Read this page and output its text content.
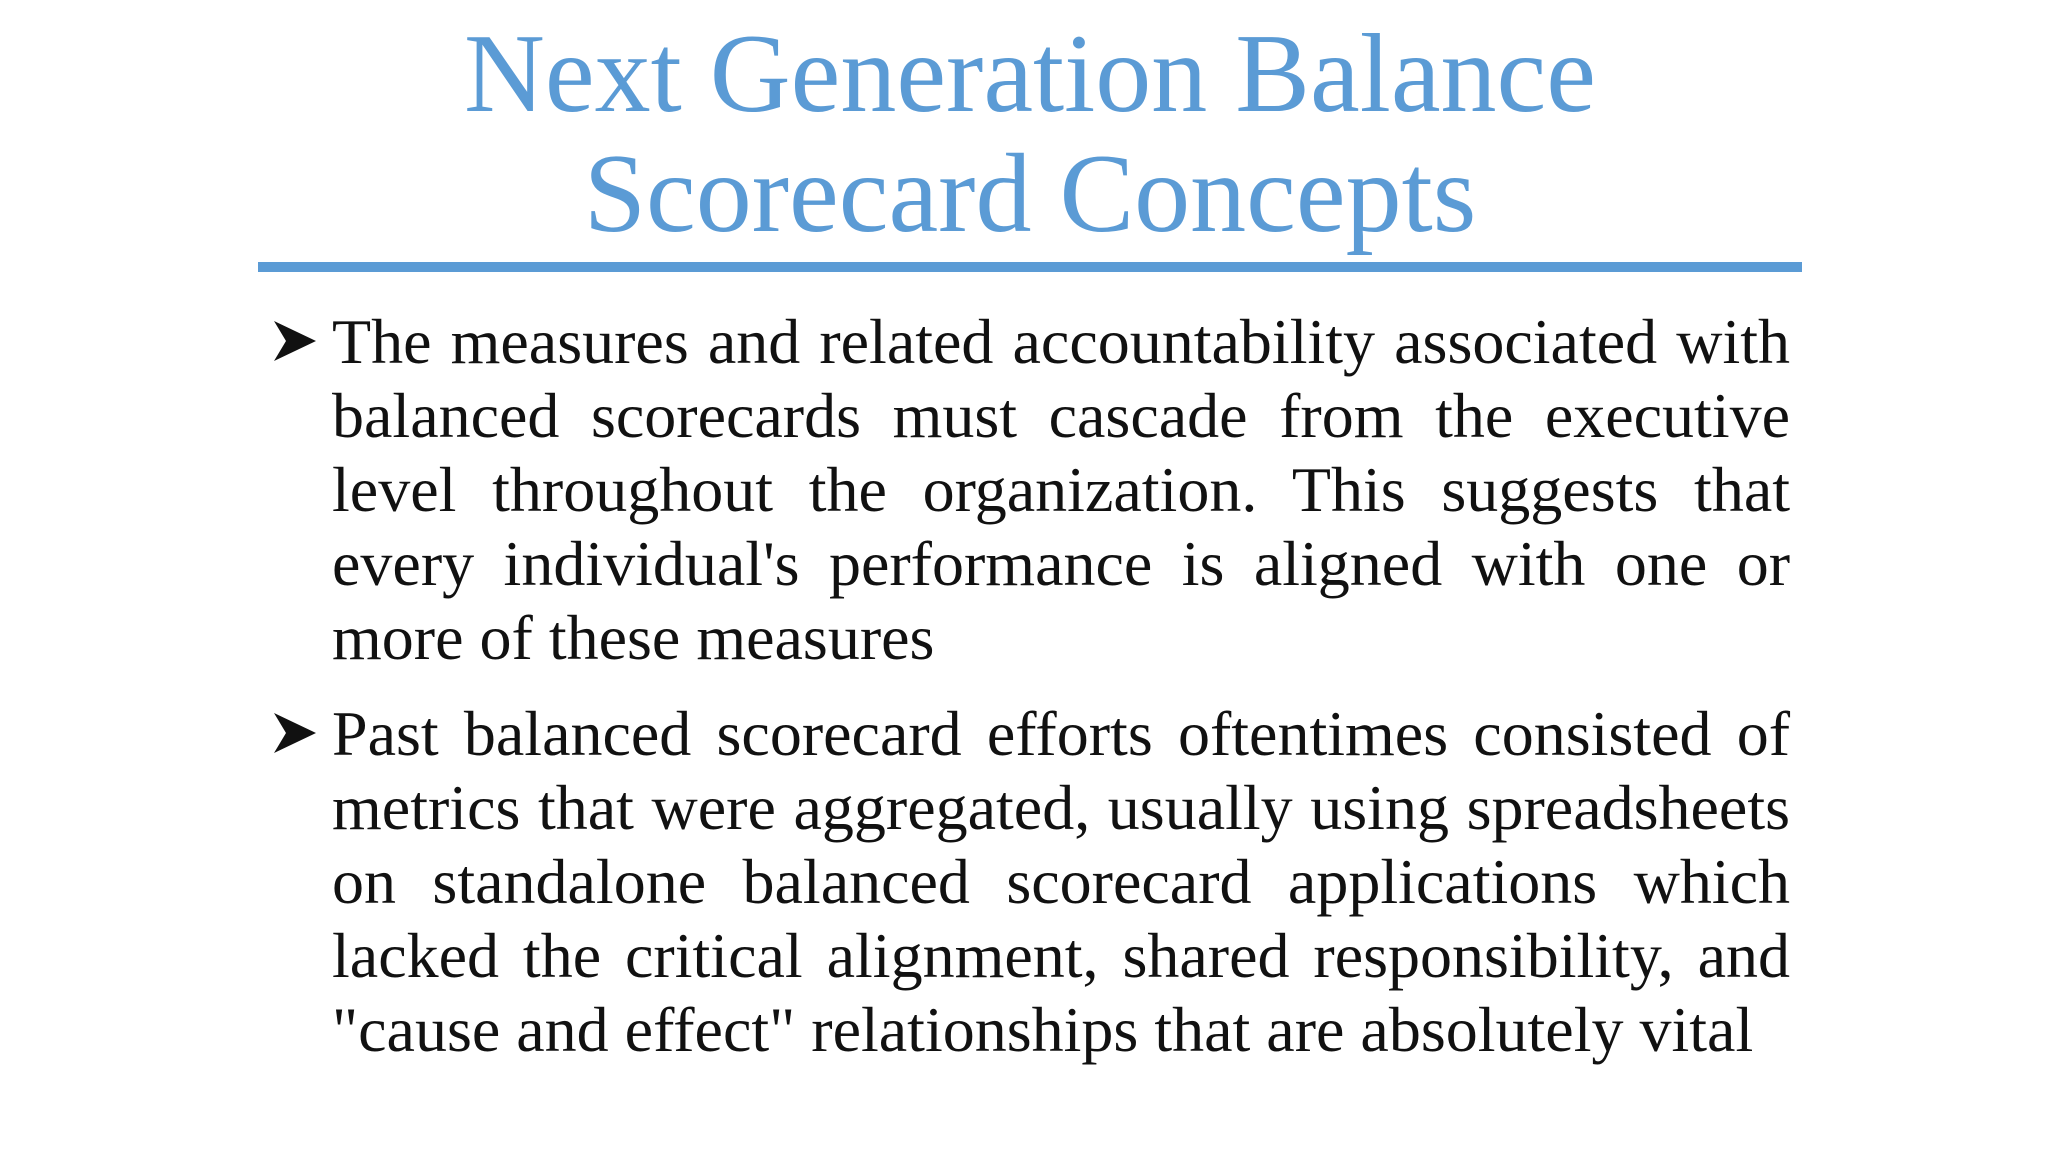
Next Generation Balance
Scorecard Concepts
The measures and related accountability associated with balanced scorecards must cascade from the executive level throughout the organization. This suggests that every individual's performance is aligned with one or more of these measures
Past balanced scorecard efforts oftentimes consisted of metrics that were aggregated, usually using spreadsheets on standalone balanced scorecard applications which lacked the critical alignment, shared responsibility, and "cause and effect" relationships that are absolutely vital
